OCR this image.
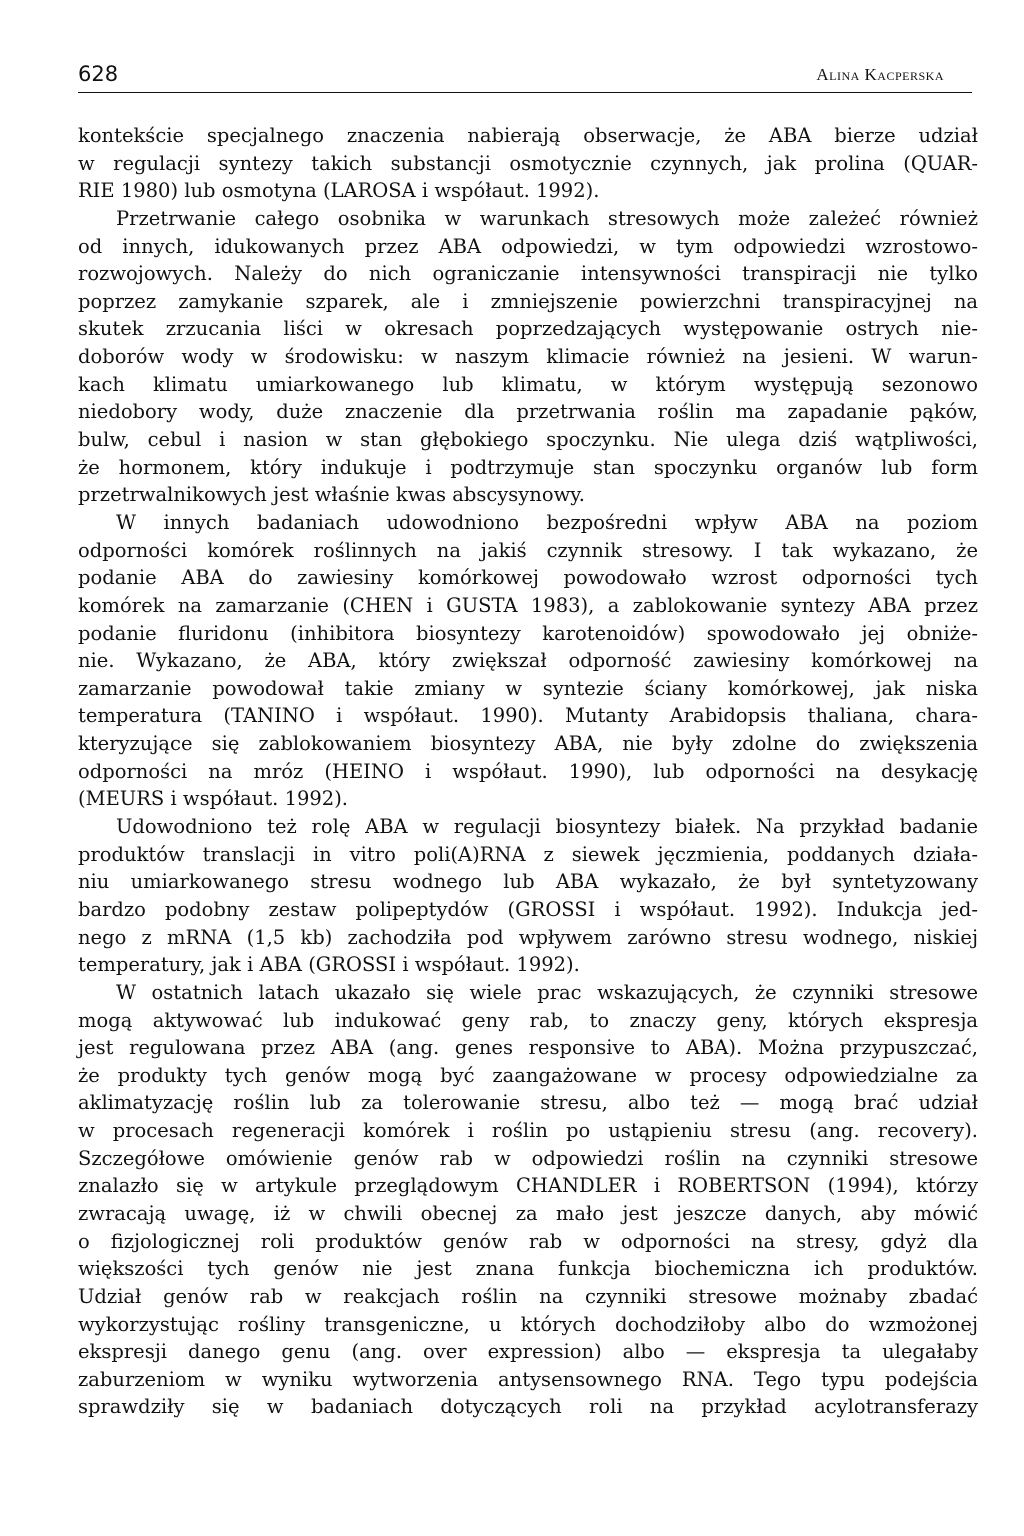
628	Alina Kacperska
kontekście specjalnego znaczenia nabierają obserwacje, że ABA bierze udział
w regulacji syntezy takich substancji osmotycznie czynnych, jak prolina (QUAR-
RIE 1980) lub osmotyna (LAROSA i współaut. 1992).
Przetrwanie całego osobnika w warunkach stresowych może zależeć również
od innych, idukowanych przez ABA odpowiedzi, w tym odpowiedzi wzrostowo-
rozwojowych. Należy do nich ograniczanie intensywności transpiracji nie tylko
poprzez zamykanie szparek, ale i zmniejszenie powierzchni transpiracyjnej na
skutek zrzucania liści w okresach poprzedzających występowanie ostrych nie-
doborów wody w środowisku: w naszym klimacie również na jesieni. W warun-
kach klimatu umiarkowanego lub klimatu, w którym występują sezonowo
niedobory wody, duże znaczenie dla przetrwania roślin ma zapadanie pąków,
bulw, cebul i nasion w stan głębokiego spoczynku. Nie ulega dziś wątpliwości,
że hormonem, który indukuje i podtrzymuje stan spoczynku organów lub form
przetrwalnikowych jest właśnie kwas abscysynowy.
W innych badaniach udowodniono bezpośredni wpływ ABA na poziom
odporności komórek roślinnych na jakiś czynnik stresowy. I tak wykazano, że
podanie ABA do zawiesiny komórkowej powodowało wzrost odporności tych
komórek na zamarzanie (CHEN i GUSTA 1983), a zablokowanie syntezy ABA przez
podanie fluridonu (inhibitora biosyntezy karotenoidów) spowodowało jej obniże-
nie. Wykazano, że ABA, który zwiększał odporność zawiesiny komórkowej na
zamarzanie powodował takie zmiany w syntezie ściany komórkowej, jak niska
temperatura (TANINO i współaut. 1990). Mutanty Arabidopsis thaliana, chara-
kteryzujące się zablokowaniem biosyntezy ABA, nie były zdolne do zwiększenia
odporności na mróz (HEINO i współaut. 1990), lub odporności na desykację
(MEURS i współaut. 1992).
Udowodniono też rolę ABA w regulacji biosyntezy białek. Na przykład badanie
produktów translacji in vitro poli(A)RNA z siewek jęczmienia, poddanych działa-
niu umiarkowanego stresu wodnego lub ABA wykazało, że był syntetyzowany
bardzo podobny zestaw polipeptydów (GROSSI i współaut. 1992). Indukcja jed-
nego z mRNA (1,5 kb) zachodziła pod wpływem zarówno stresu wodnego, niskiej
temperatury, jak i ABA (GROSSI i współaut. 1992).
W ostatnich latach ukazało się wiele prac wskazujących, że czynniki stresowe
mogą aktywować lub indukować geny rab, to znaczy geny, których ekspresja
jest regulowana przez ABA (ang. genes responsive to ABA). Można przypuszczać,
że produkty tych genów mogą być zaangażowane w procesy odpowiedzialne za
aklimatyzację roślin lub za tolerowanie stresu, albo też — mogą brać udział
w procesach regeneracji komórek i roślin po ustąpieniu stresu (ang. recovery).
Szczegółowe omówienie genów rab w odpowiedzi roślin na czynniki stresowe
znalazło się w artykule przeglądowym CHANDLER i ROBERTSON (1994), którzy
zwracają uwagę, iż w chwili obecnej za mało jest jeszcze danych, aby mówić
o fizjologicznej roli produktów genów rab w odporności na stresy, gdyż dla
większości tych genów nie jest znana funkcja biochemiczna ich produktów.
Udział genów rab w reakcjach roślin na czynniki stresowe możnaby zbadać
wykorzystując rośliny transgeniczne, u których dochodziłoby albo do wzmożonej
ekspresji danego genu (ang. over expression) albo — ekspresja ta ulegałaby
zaburzeniom w wyniku wytworzenia antysensownego RNA. Tego typu podejścia
sprawdziły się w badaniach dotyczących roli na przykład acylotransferazy
